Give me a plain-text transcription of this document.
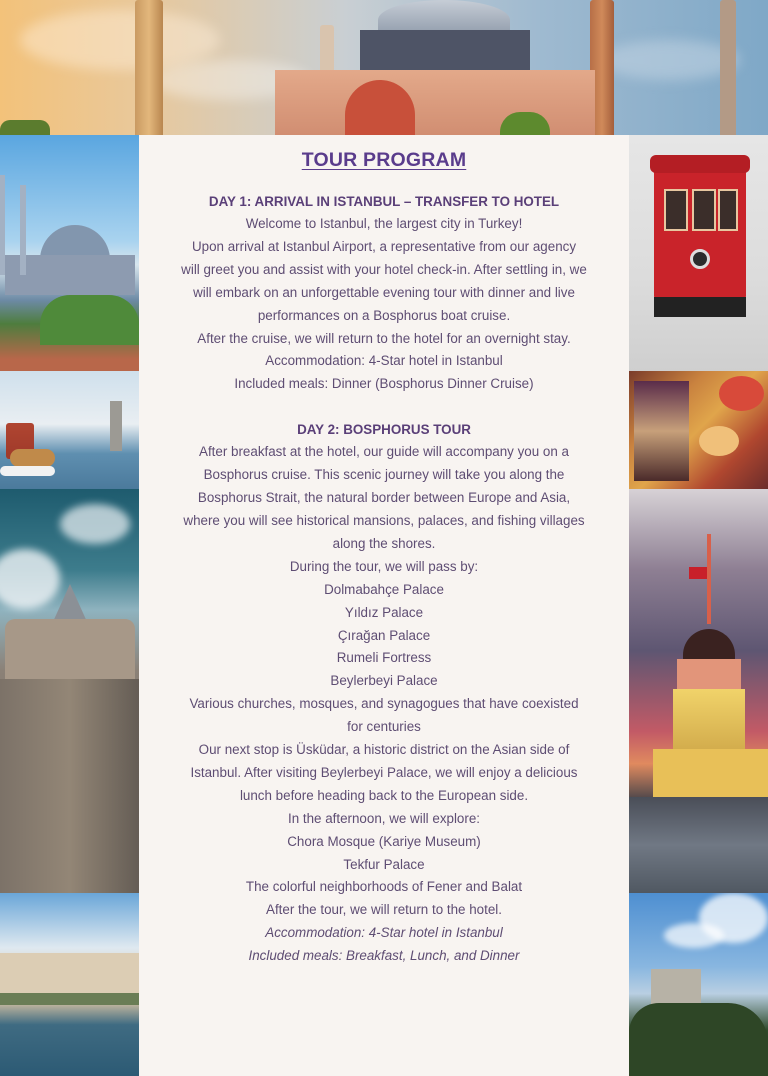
TOUR PROGRAM
DAY 1: ARRIVAL IN ISTANBUL – TRANSFER TO HOTEL
Welcome to Istanbul, the largest city in Turkey!
Upon arrival at Istanbul Airport, a representative from our agency
will greet you and assist with your hotel check-in. After settling in, we
will embark on an unforgettable evening tour with dinner and live
performances on a Bosphorus boat cruise.
After the cruise, we will return to the hotel for an overnight stay.
Accommodation: 4-Star hotel in Istanbul
Included meals: Dinner (Bosphorus Dinner Cruise)
DAY 2: BOSPHORUS TOUR
After breakfast at the hotel, our guide will accompany you on a
Bosphorus cruise. This scenic journey will take you along the
Bosphorus Strait, the natural border between Europe and Asia,
where you will see historical mansions, palaces, and fishing villages
along the shores.
During the tour, we will pass by:
Dolmabahçe Palace
Yıldız Palace
Çırağan Palace
Rumeli Fortress
Beylerbeyi Palace
Various churches, mosques, and synagogues that have coexisted
for centuries
Our next stop is Üsküdar, a historic district on the Asian side of
Istanbul. After visiting Beylerbeyi Palace, we will enjoy a delicious
lunch before heading back to the European side.
In the afternoon, we will explore:
Chora Mosque (Kariye Museum)
Tekfur Palace
The colorful neighborhoods of Fener and Balat
After the tour, we will return to the hotel.
Accommodation: 4-Star hotel in Istanbul
Included meals: Breakfast, Lunch, and Dinner
